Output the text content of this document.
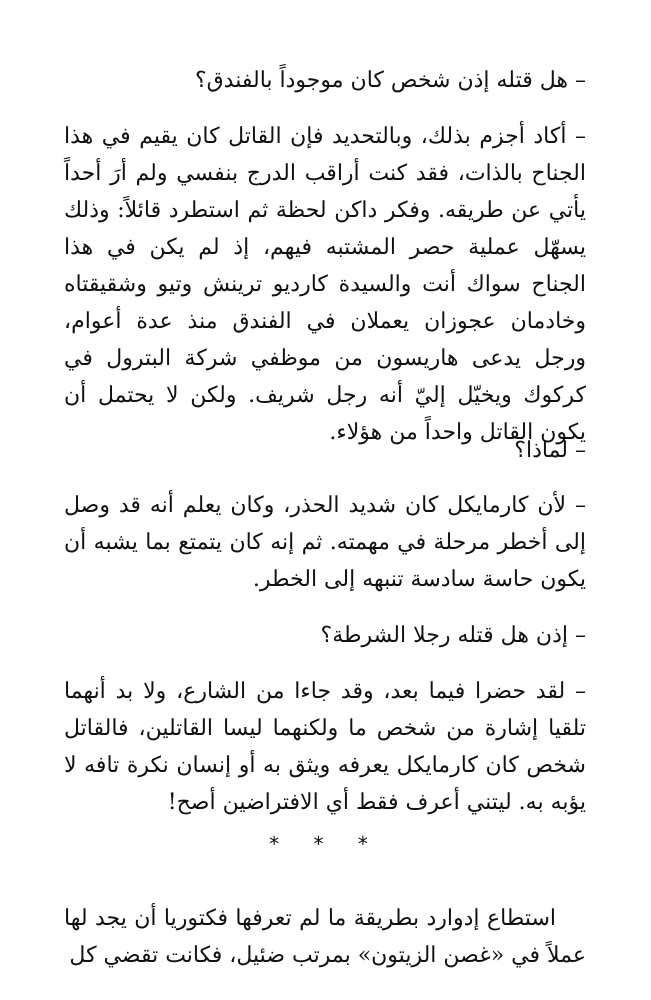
– هل قتله إذن شخص كان موجوداً بالفندق؟

– أكاد أجزم بذلك، وبالتحديد فإن القاتل كان يقيم في هذا الجناح بالذات، فقد كنت أراقب الدرج بنفسي ولم أرَ أحداً يأتي عن طريقه. وفكر داكن لحظة ثم استطرد قائلاً: وذلك يسهّل عملية حصر المشتبه فيهم، إذ لم يكن في هذا الجناح سواك أنت والسيدة كارديو ترينش وتيو وشقيقتاه وخادمان عجوزان يعملان في الفندق منذ عدة أعوام، ورجل يدعى هاريسون من موظفي شركة البترول في كركوك ويخيّل إليّ أنه رجل شريف. ولكن لا يحتمل أن يكون القاتل واحداً من هؤلاء.

– لماذا؟

– لأن كارمايكل كان شديد الحذر، وكان يعلم أنه قد وصل إلى أخطر مرحلة في مهمته. ثم إنه كان يتمتع بما يشبه أن يكون حاسة سادسة تنبهه إلى الخطر.

– إذن هل قتله رجلا الشرطة؟

– لقد حضرا فيما بعد، وقد جاءا من الشارع، ولا بد أنهما تلقيا إشارة من شخص ما ولكنهما ليسا القاتلين، فالقاتل شخص كان كارمايكل يعرفه ويثق به أو إنسان نكرة تافه لا يؤبه به. ليتني أعرف فقط أي الافتراضين أصح!

* * *

استطاع إدوارد بطريقة ما لم تعرفها فكتوريا أن يجد لها عملاً في «غصن الزيتون» بمرتب ضئيل، فكانت تقضي كل
